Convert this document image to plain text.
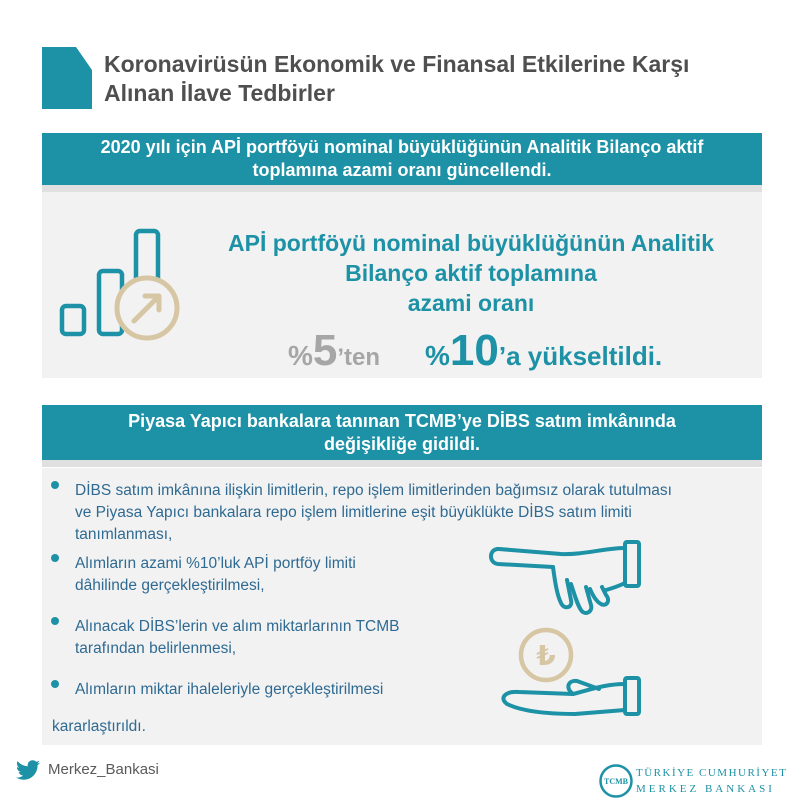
Koronavirüsün Ekonomik ve Finansal Etkilerine Karşı
Alınan İlave Tedbirler
2020 yılı için APİ portföyü nominal büyüklüğünün Analitik Bilanço aktif
toplamına azami oranı güncellendi.
APİ portföyü nominal büyüklüğünün Analitik
Bilanço aktif toplamına
azami oranı
%5’ten %10’a yükseltildi.
Piyasa Yapıcı bankalara tanınan TCMB’ye DİBS satım imkânında
değişikliğe gidildi.
DİBS satım imkânına ilişkin limitlerin, repo işlem limitlerinden bağımsız olarak tutulması
ve Piyasa Yapıcı bankalara repo işlem limitlerine eşit büyüklükte DİBS satım limiti
tanımlanması,
Alımların azami %10’luk APİ portföy limiti
dâhilinde gerçekleştirilmesi,
Alınacak DİBS’lerin ve alım miktarlarının TCMB
tarafından belirlenmesi,
Alımların miktar ihaleleriyle gerçekleştirilmesi
kararlaştırıldı.
₺
Merkez_Bankasi
TCMB
TÜRKİYE CUMHURİYET
MERKEZ BANKASI
